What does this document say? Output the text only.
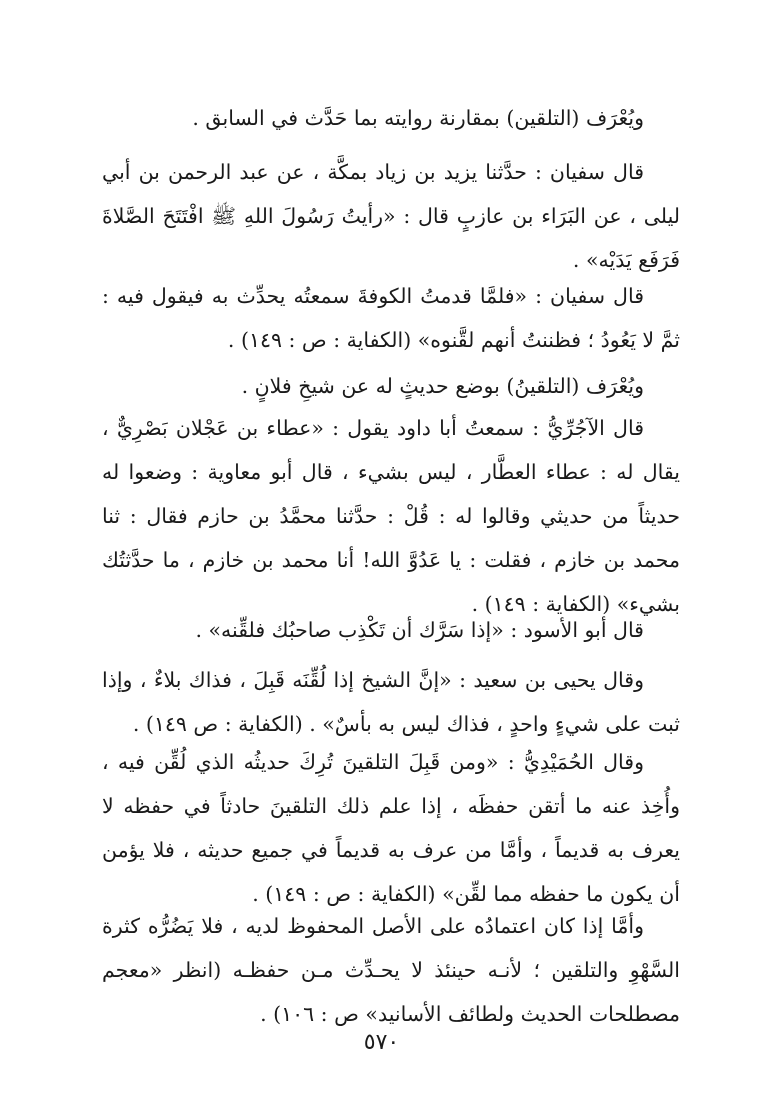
ويُعْرَف (التلقين) بمقارنة روايته بما حَدَّث في السابق .

قال سفيان : حدَّثنا يزيد بن زياد بمكَّة ، عن عبد الرحمن بن أبي ليلى ، عن البَرَاء بن عازبٍ قال : «رأيتُ رَسُولَ اللهِ ﷺ افْتَتَحَ الصَّلاةَ فَرَفَع يَدَيْه» .

قال سفيان : «فلمَّا قدمتُ الكوفةَ سمعتُه يحدِّث به فيقول فيه : ثمَّ لا يَعُودُ ؛ فظننتُ أنهم لقَّنوه» (الكفاية : ص : ١٤٩) .

ويُعْرَف (التلقينُ) بوضع حديثٍ له عن شيخِ فلانٍ .

قال الآجُرِّيُّ : سمعتُ أبا داود يقول : «عطاء بن عَجْلان بَصْرِيٌّ ، يقال له : عطاء العطَّار ، ليس بشيء ، قال أبو معاوية : وضعوا له حديثاً من حديثي وقالوا له : قُلْ : حدَّثنا محمَّدُ بن حازم فقال : ثنا محمد بن خازم ، فقلت : يا عَدُوَّ الله! أنا محمد بن خازم ، ما حدَّثتُك بشيء» (الكفاية : ١٤٩) .

قال أبو الأسود : «إذا سَرَّك أن تَكْذِب صاحبُك فلقِّنه» .

وقال يحيى بن سعيد : «إنَّ الشيخ إذا لُقِّنَه قَبِلَ ، فذاك بلاءٌ ، وإذا ثبت على شيءٍ واحدٍ ، فذاك ليس به بأسٌ» . (الكفاية : ص ١٤٩) .

وقال الحُمَيْدِيُّ : «ومن قَبِلَ التلقينَ تُرِكَ حديثُه الذي لُقِّن فيه ، وأُخِذ عنه ما أتقن حفظَه ، إذا علم ذلك التلقينَ حادثاً في حفظه لا يعرف به قديماً ، وأمَّا من عرف به قديماً في جميع حديثه ، فلا يؤمن أن يكون ما حفظه مما لقِّن» (الكفاية : ص : ١٤٩) .

وأمَّا إذا كان اعتمادُه على الأصل المحفوظ لديه ، فلا يَضُرُّه كثرة السَّهْوِ والتلقين ؛ لأنـه حينئذ لا يحـدِّث مـن حفظـه (انظر «معجم مصطلحات الحديث ولطائف الأسانيد» ص : ١٠٦) .

٥٧٠
